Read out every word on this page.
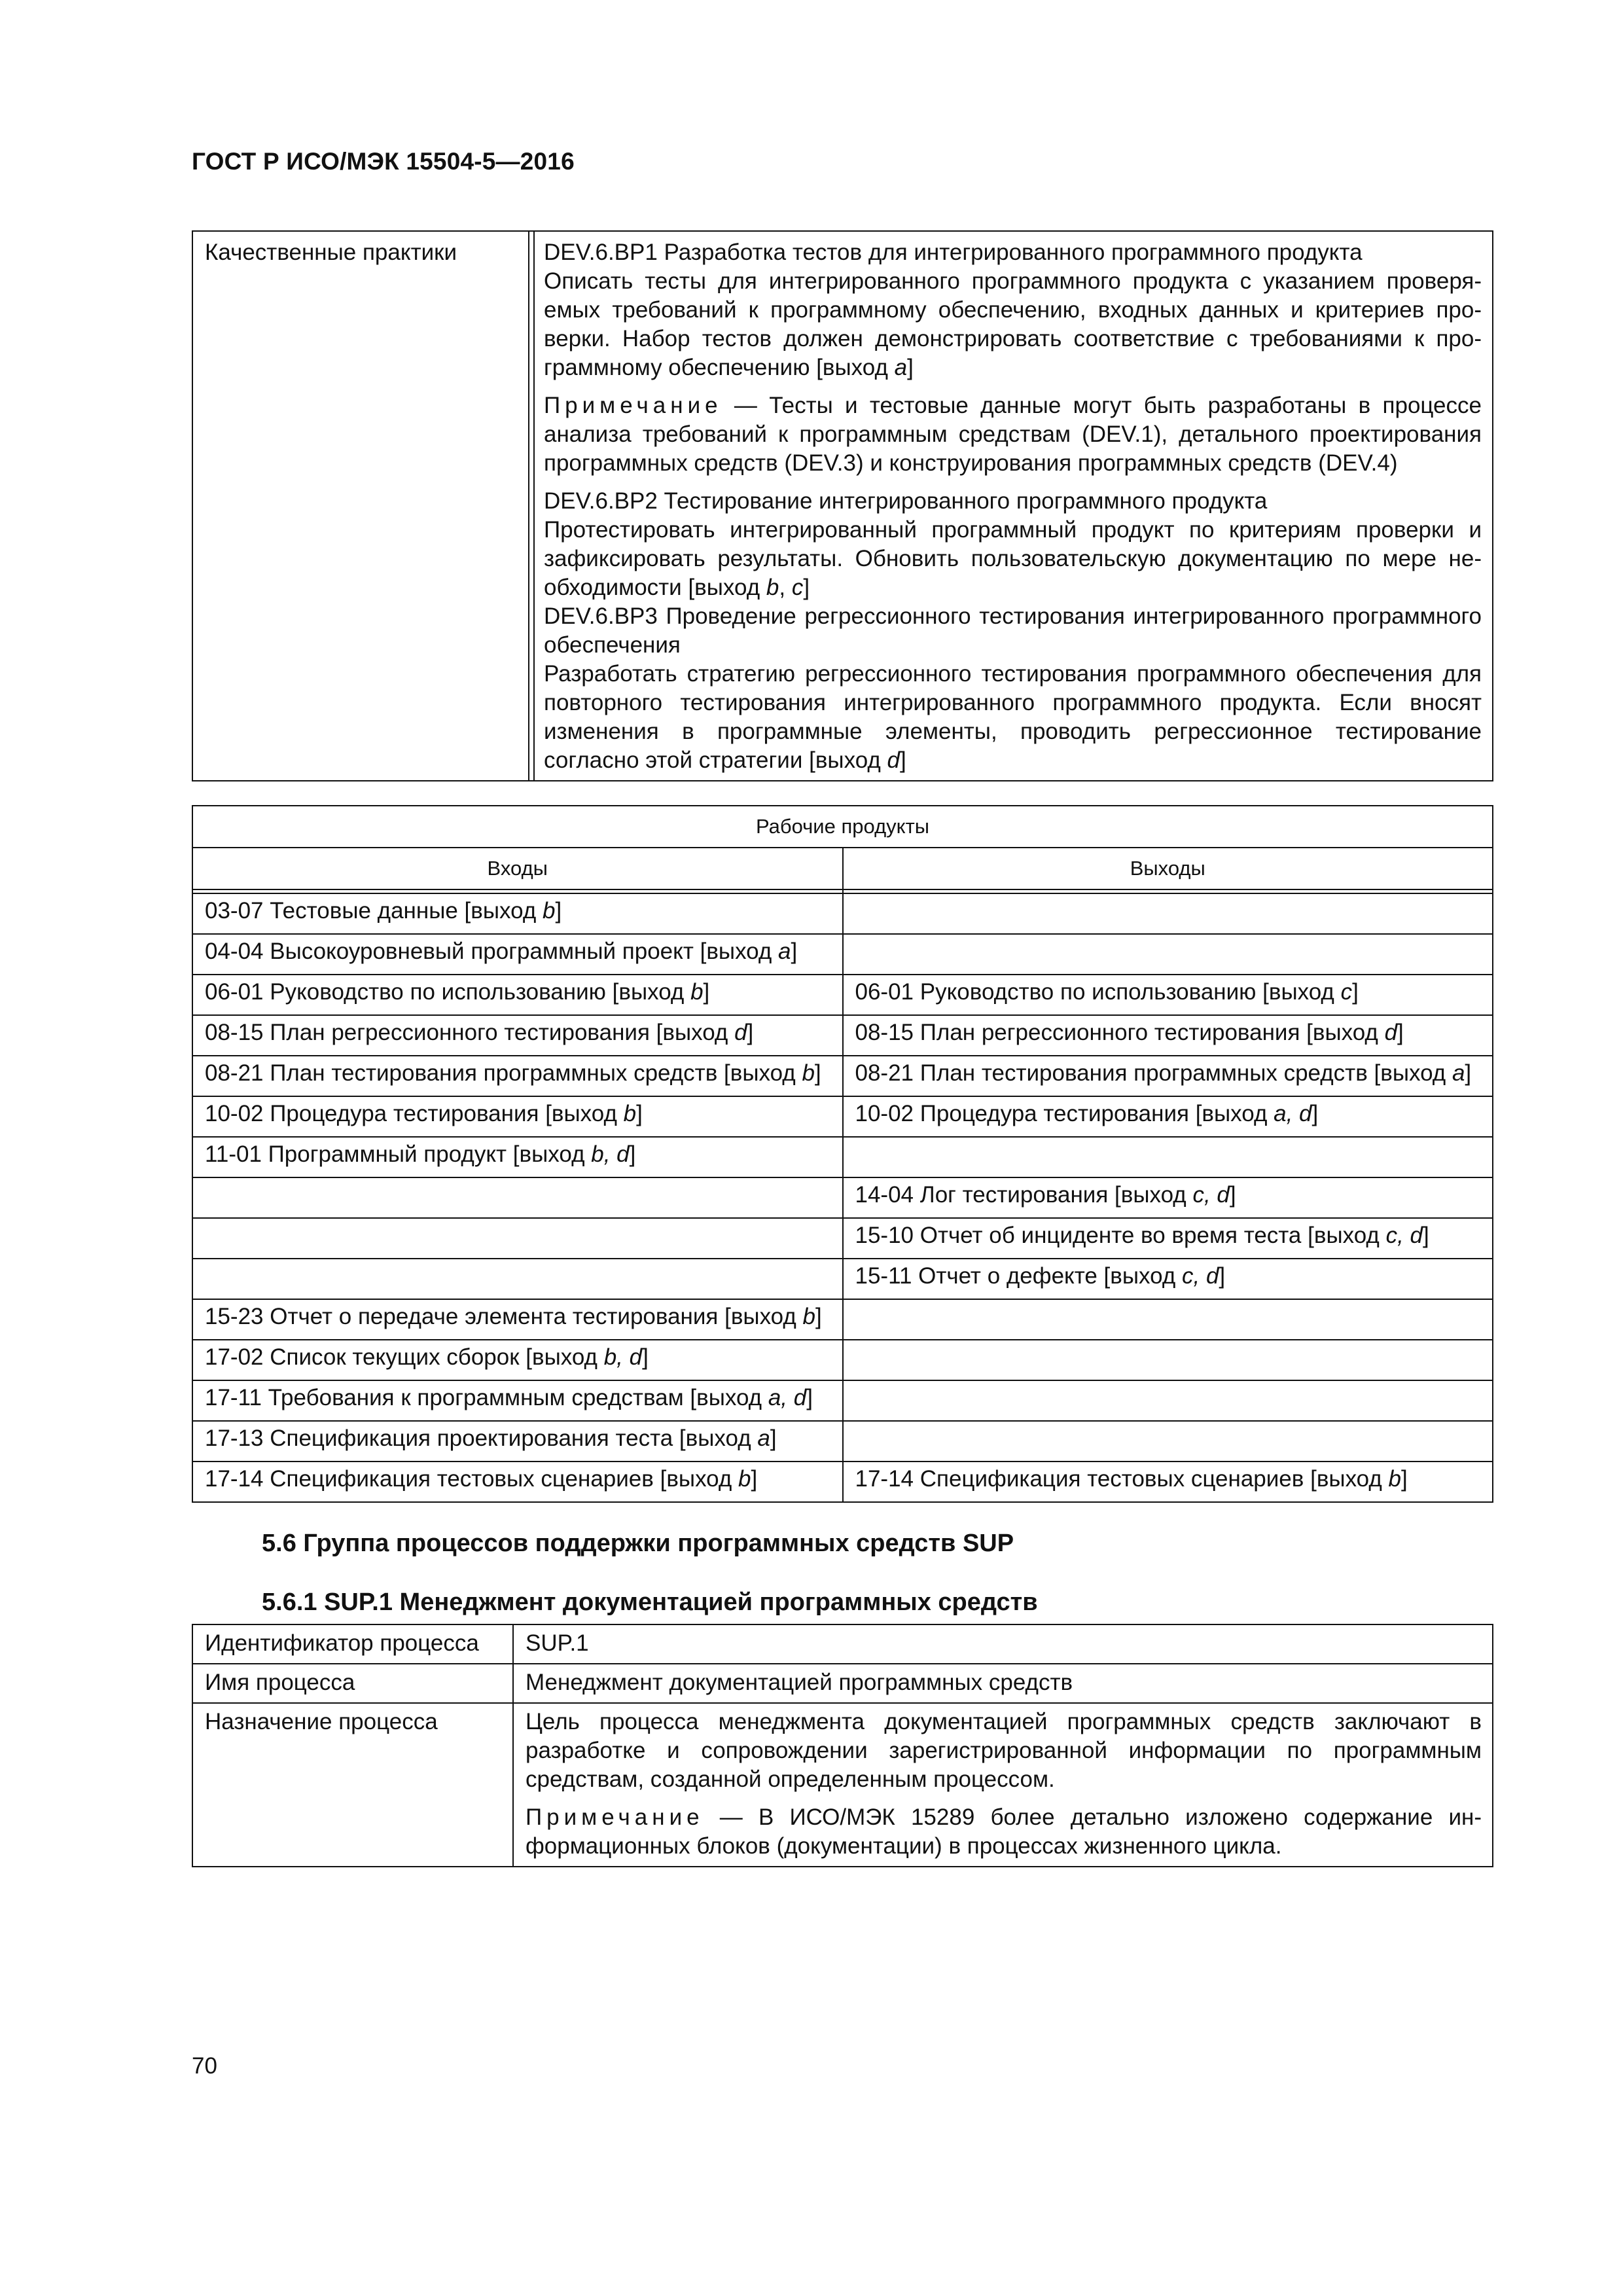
ГОСТ Р ИСО/МЭК 15504-5—2016
Качественные практики		DEV.6.BP1 Разработка тестов для интегрированного программного продукта
Описать тесты для интегрированного программного продукта с указанием проверяемых требований к программному обеспечению, входных данных и критериев проверки. Набор тестов должен демонстрировать соответствие с требованиями к программному обеспечению [выход a]
Примечание — Тесты и тестовые данные могут быть разработаны в процессе анализа требований к программным средствам (DEV.1), детального проектирования программных средств (DEV.3) и конструирования программных средств (DEV.4)
DEV.6.BP2 Тестирование интегрированного программного продукта
Протестировать интегрированный программный продукт по критериям проверки и зафиксировать результаты. Обновить пользовательскую документацию по мере необходимости [выход b, c]
DEV.6.BP3 Проведение регрессионного тестирования интегрированного программного обеспечения
Разработать стратегию регрессионного тестирования программного обеспечения для повторного тестирования интегрированного программного продукта. Если вносят изменения в программные элементы, проводить регрессионное тестирование согласно этой стратегии [выход d]
Рабочие продукты	
Входы	Выходы

03-07 Тестовые данные [выход b]	
04-04 Высокоуровневый программный проект [выход a]	
06-01 Руководство по использованию [выход b]	06-01 Руководство по использованию [выход c]
08-15 План регрессионного тестирования [выход d]	08-15 План регрессионного тестирования [выход d]
08-21 План тестирования программных средств [выход b]	08-21 План тестирования программных средств [выход a]
10-02 Процедура тестирования [выход b]	10-02 Процедура тестирования [выход a, d]
11-01 Программный продукт [выход b, d]	
	14-04 Лог тестирования [выход c, d]
	15-10 Отчет об инциденте во время теста [выход c, d]
	15-11 Отчет о дефекте [выход c, d]
15-23 Отчет о передаче элемента тестирования [выход b]	
17-02 Список текущих сборок [выход b, d]	
17-11 Требования к программным средствам [выход a, d]	
17-13 Спецификация проектирования теста [выход a]	
17-14 Спецификация тестовых сценариев [выход b]	17-14 Спецификация тестовых сценариев [выход b]
5.6 Группа процессов поддержки программных средств SUP
5.6.1 SUP.1 Менеджмент документацией программных средств
Идентификатор процесса	SUP.1
Имя процесса	Менеджмент документацией программных средств
Назначение процесса	Цель процесса менеджмента документацией программных средств заключают в разработке и сопровождении зарегистрированной информации по программным средствам, созданной определенным процессом.
Примечание — В ИСО/МЭК 15289 более детально изложено содержание информационных блоков (документации) в процессах жизненного цикла.
70
